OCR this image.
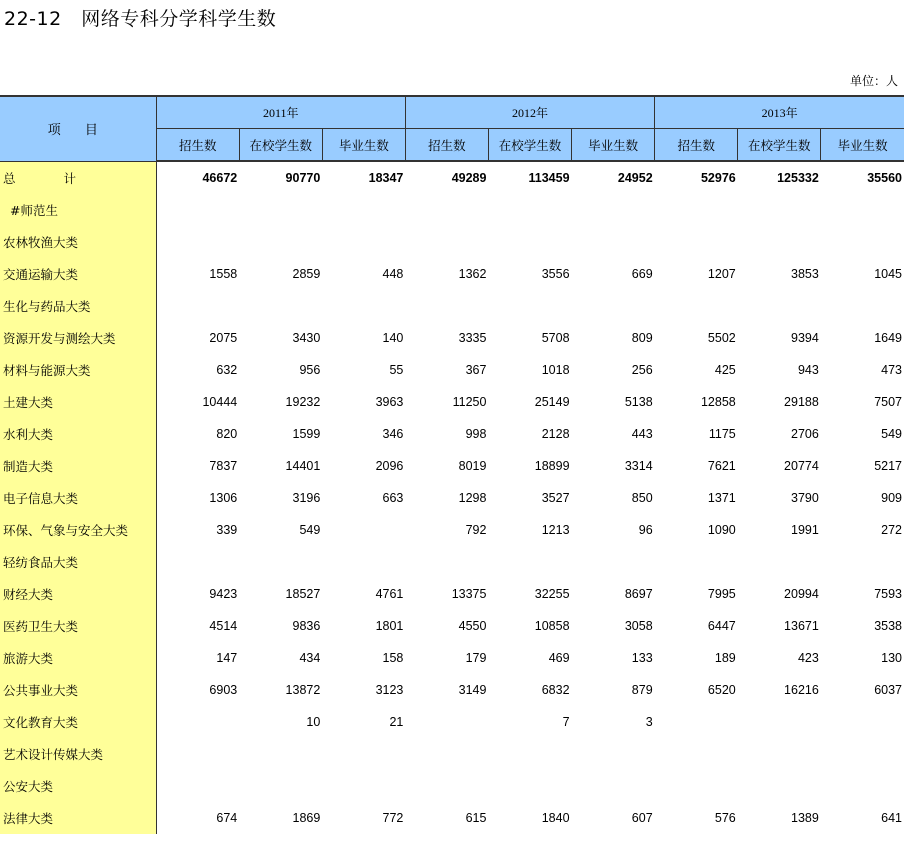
22-12　网络专科分学科学生数
单位：人
项 目	2011年			2012年			2013年		
	招生数	在校学生数	毕业生数	招生数	在校学生数	毕业生数	招生数	在校学生数	毕业生数
总 计	46672	90770	18347	49289	113459	24952	52976	125332	35560
#师范生									
农林牧渔大类									
交通运输大类	1558	2859	448	1362	3556	669	1207	3853	1045
生化与药品大类									
资源开发与测绘大类	2075	3430	140	3335	5708	809	5502	9394	1649
材料与能源大类	632	956	55	367	1018	256	425	943	473
土建大类	10444	19232	3963	11250	25149	5138	12858	29188	7507
水利大类	820	1599	346	998	2128	443	1175	2706	549
制造大类	7837	14401	2096	8019	18899	3314	7621	20774	5217
电子信息大类	1306	3196	663	1298	3527	850	1371	3790	909
环保、气象与安全大类	339	549		792	1213	96	1090	1991	272
轻纺食品大类									
财经大类	9423	18527	4761	13375	32255	8697	7995	20994	7593
医药卫生大类	4514	9836	1801	4550	10858	3058	6447	13671	3538
旅游大类	147	434	158	179	469	133	189	423	130
公共事业大类	6903	13872	3123	3149	6832	879	6520	16216	6037
文化教育大类		10	21		7	3			
艺术设计传媒大类									
公安大类									
法律大类	674	1869	772	615	1840	607	576	1389	641
